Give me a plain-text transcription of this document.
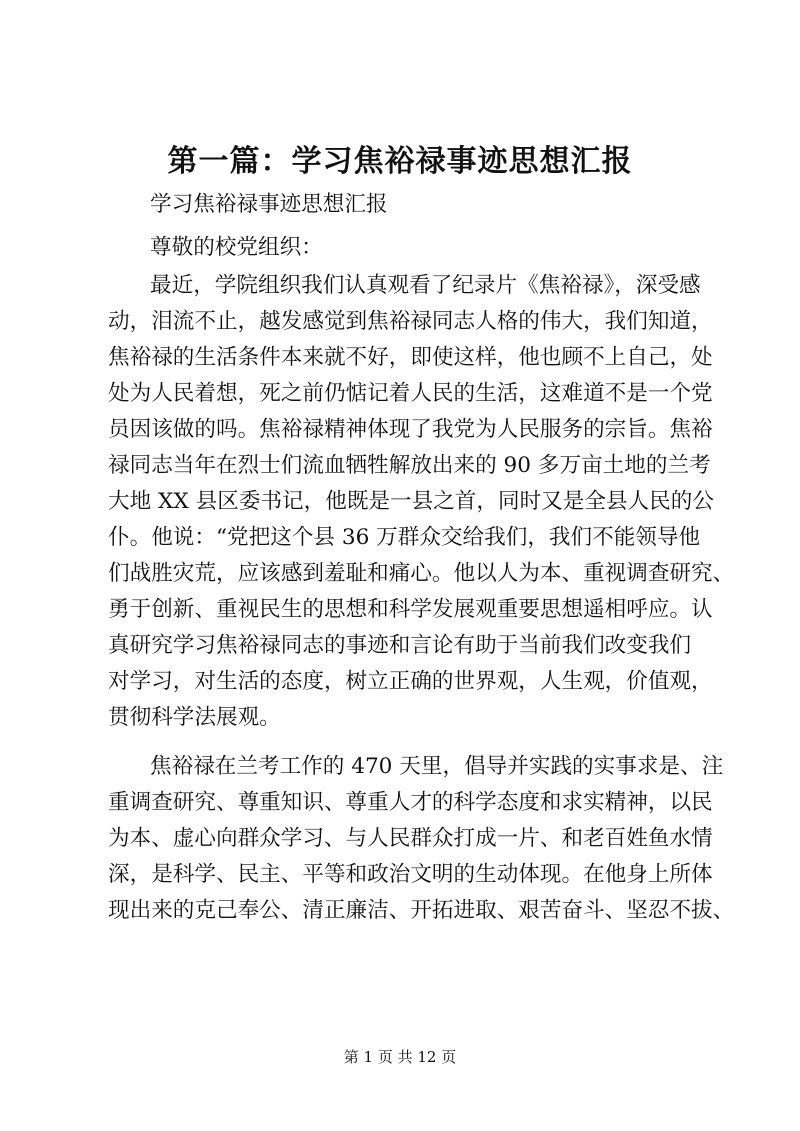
第一篇：学习焦裕禄事迹思想汇报
学习焦裕禄事迹思想汇报
尊敬的校党组织：
最近，学院组织我们认真观看了纪录片《焦裕禄》，深受感
动，泪流不止，越发感觉到焦裕禄同志人格的伟大，我们知道，
焦裕禄的生活条件本来就不好，即使这样，他也顾不上自己，处
处为人民着想，死之前仍惦记着人民的生活，这难道不是一个党
员因该做的吗。焦裕禄精神体现了我党为人民服务的宗旨。焦裕
禄同志当年在烈士们流血牺牲解放出来的 90 多万亩土地的兰考
大地 XX 县区委书记，他既是一县之首，同时又是全县人民的公
仆。他说：“党把这个县 36 万群众交给我们，我们不能领导他
们战胜灾荒，应该感到羞耻和痛心。他以人为本、重视调查研究、
勇于创新、重视民生的思想和科学发展观重要思想遥相呼应。认
真研究学习焦裕禄同志的事迹和言论有助于当前我们改变我们
对学习，对生活的态度，树立正确的世界观，人生观，价值观，
贯彻科学法展观。
焦裕禄在兰考工作的 470 天里，倡导并实践的实事求是、注
重调查研究、尊重知识、尊重人才的科学态度和求实精神，以民
为本、虚心向群众学习、与人民群众打成一片、和老百姓鱼水情
深，是科学、民主、平等和政治文明的生动体现。在他身上所体
现出来的克己奉公、清正廉洁、开拓进取、艰苦奋斗、坚忍不拔、
第 1 页 共 12 页
